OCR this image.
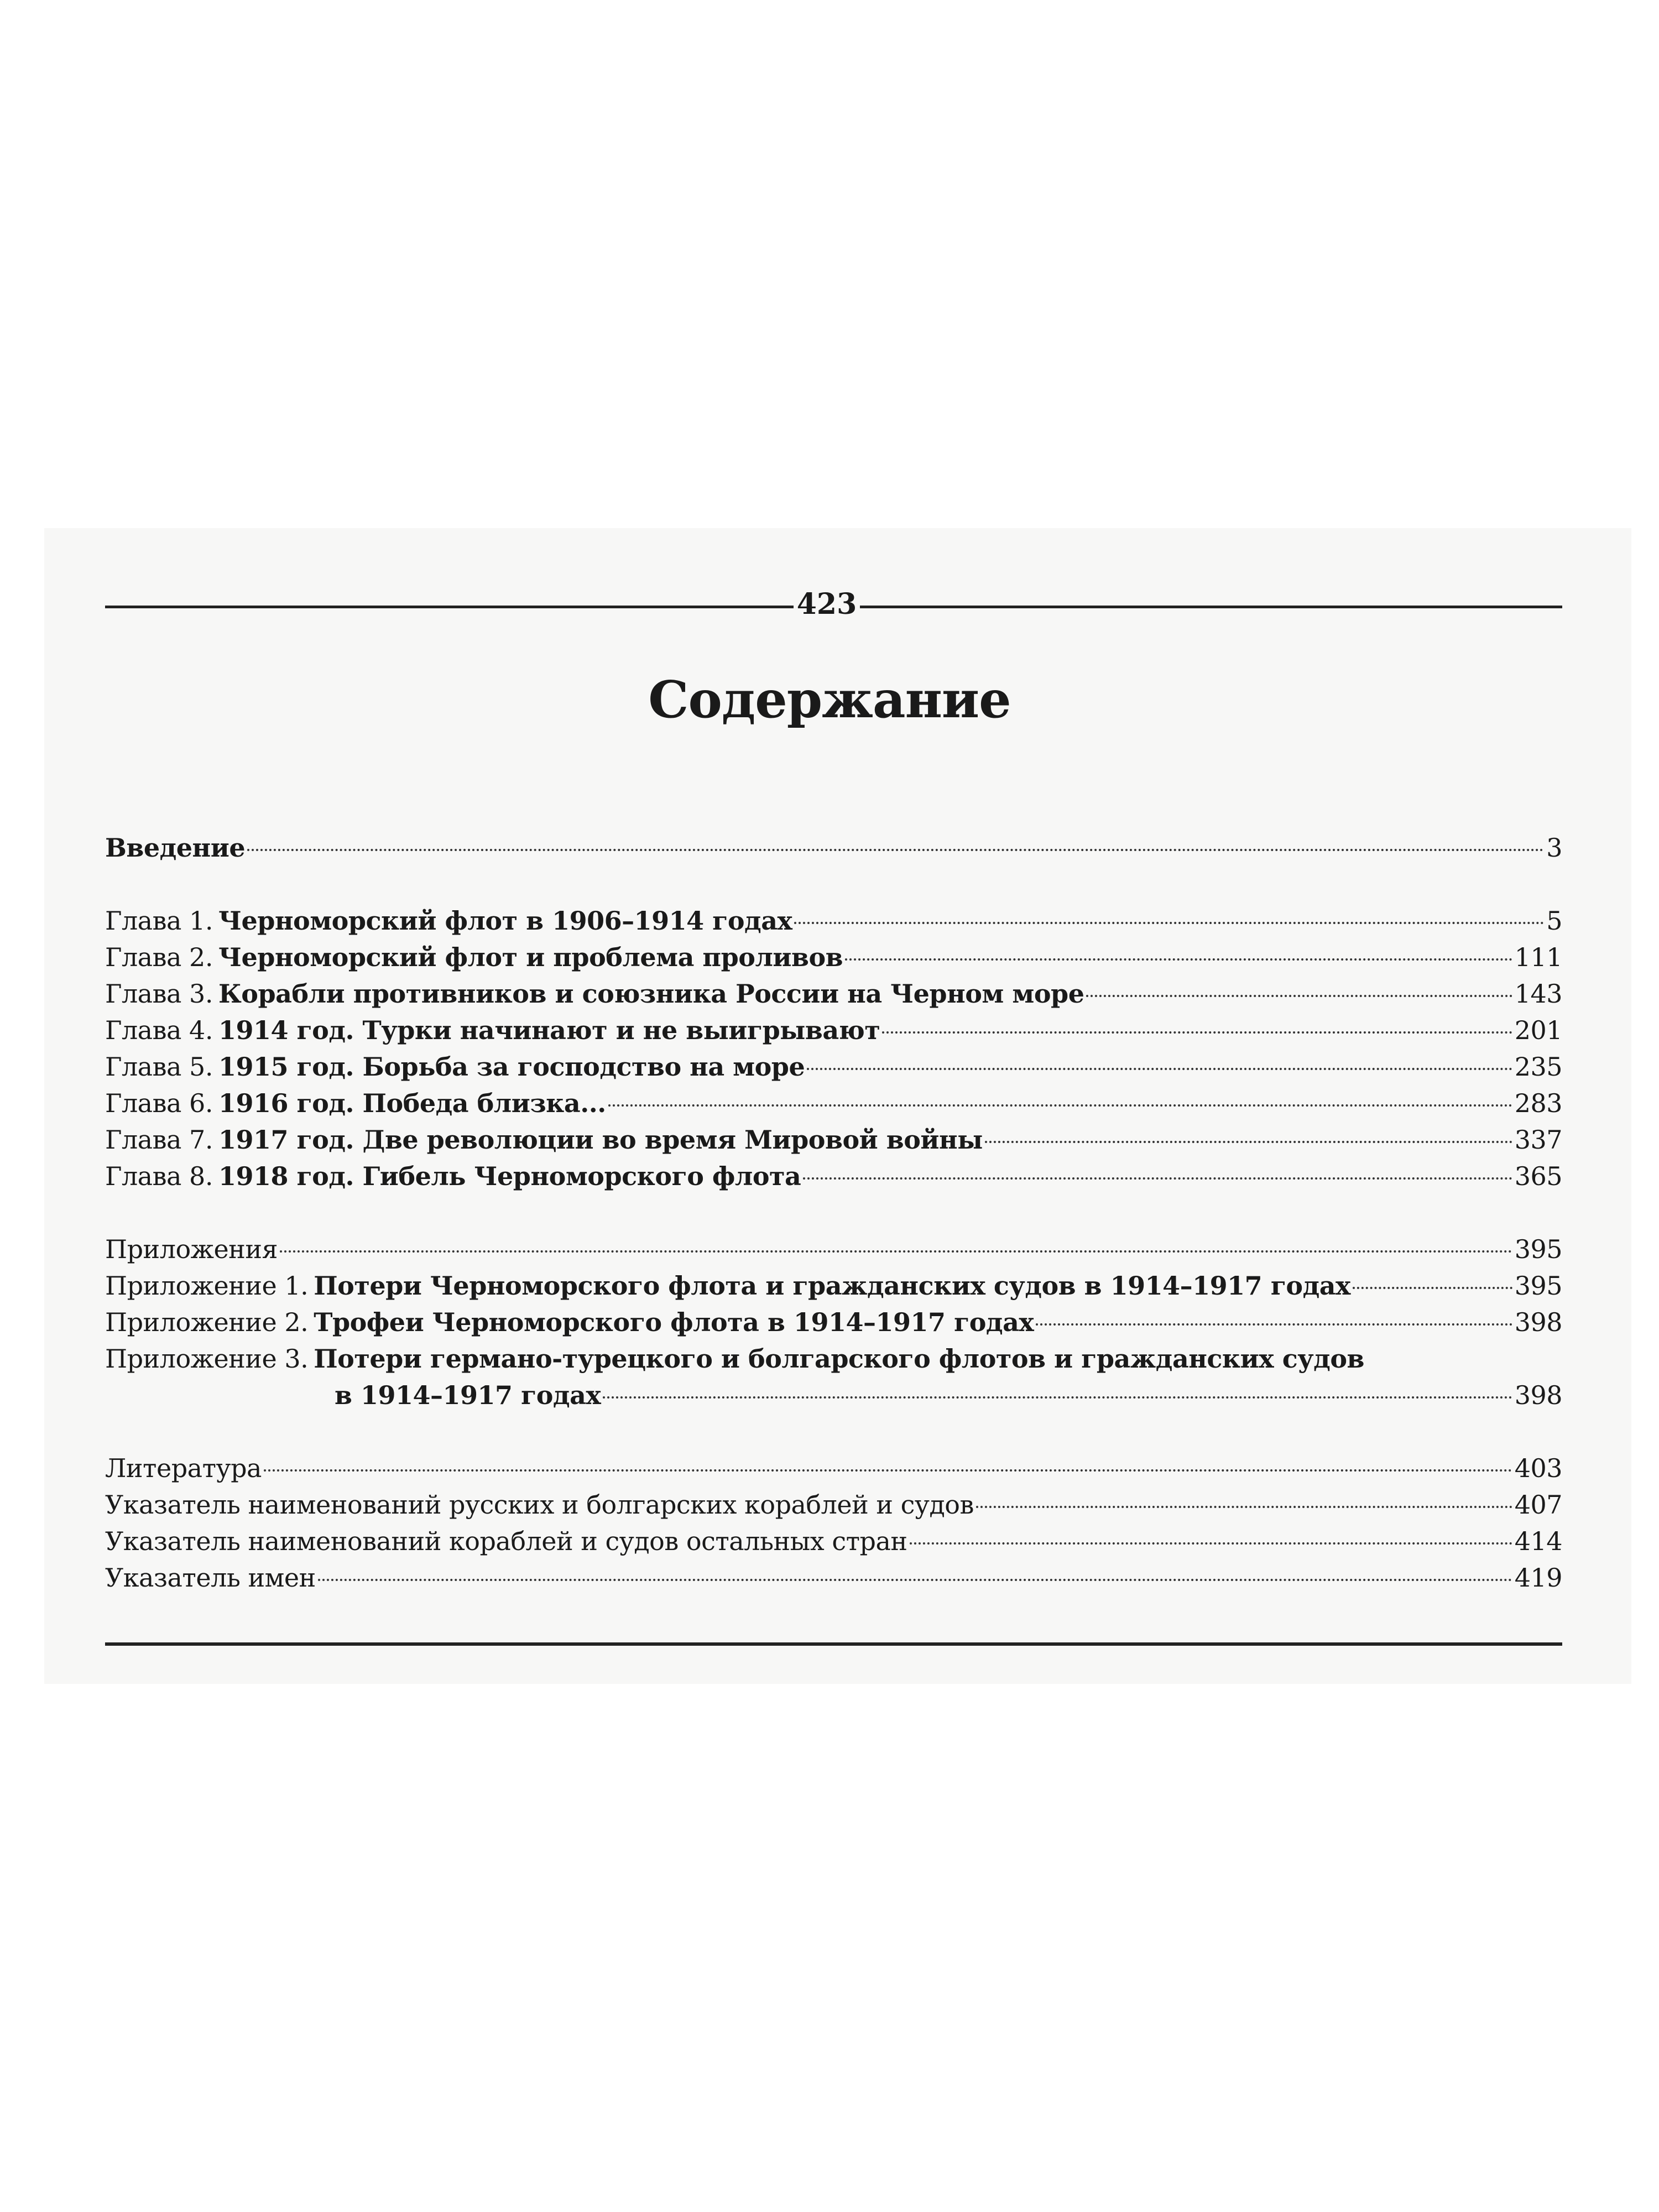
423
Содержание
Введение	3
Глава 1. Черноморский флот в 1906–1914 годах	5
Глава 2. Черноморский флот и проблема проливов	111
Глава 3. Корабли противников и союзника России на Черном море	143
Глава 4. 1914 год. Турки начинают и не выигрывают	201
Глава 5. 1915 год. Борьба за господство на море	235
Глава 6. 1916 год. Победа близка...	283
Глава 7. 1917 год. Две революции во время Мировой войны	337
Глава 8. 1918 год. Гибель Черноморского флота	365
Приложения	395
Приложение 1. Потери Черноморского флота и гражданских судов в 1914–1917 годах	395
Приложение 2. Трофеи Черноморского флота в 1914–1917 годах	398
Приложение 3. Потери германо-турецкого и болгарского флотов и гражданских судов
в 1914–1917 годах	398
Литература	403
Указатель наименований русских и болгарских кораблей и судов	407
Указатель наименований кораблей и судов остальных стран	414
Указатель имен	419
